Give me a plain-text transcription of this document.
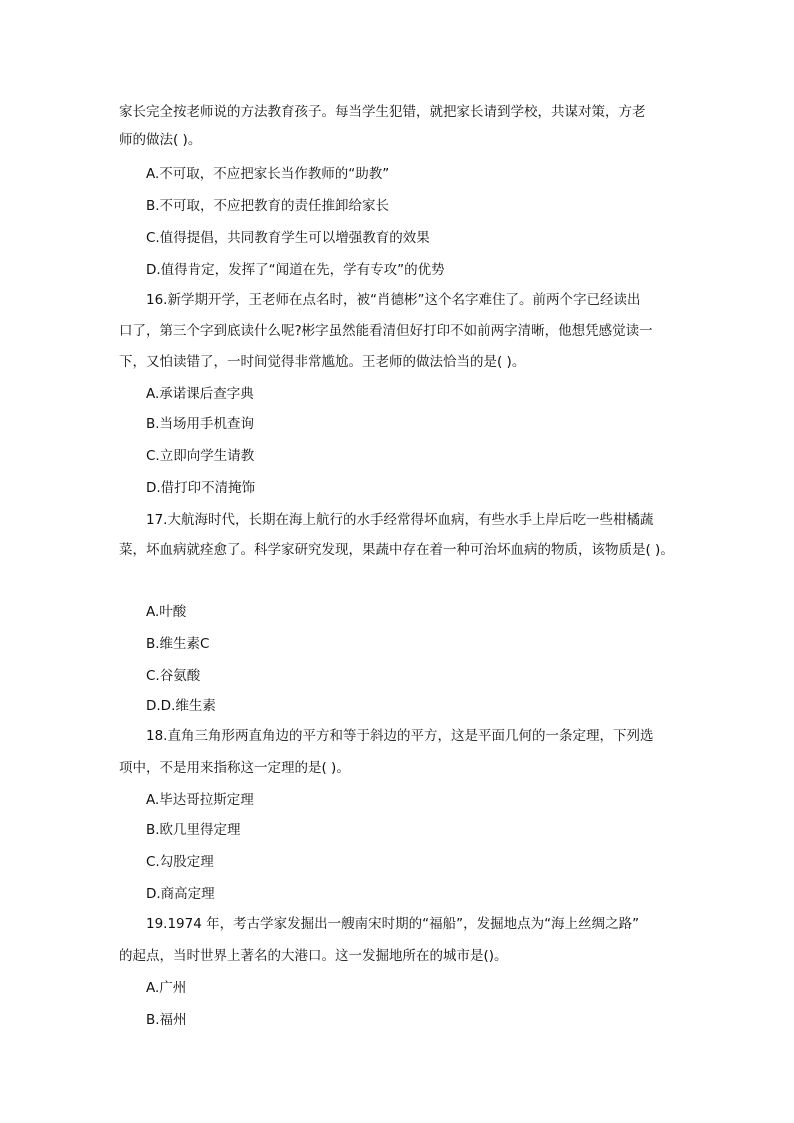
家长完全按老师说的方法教育孩子。每当学生犯错，就把家长请到学校，共谋对策，方老
师的做法( )。
A.不可取，不应把家长当作教师的“助教”
B.不可取，不应把教育的责任推卸给家长
C.值得提倡，共同教育学生可以增强教育的效果
D.值得肯定，发挥了“闻道在先，学有专攻”的优势
16.新学期开学，王老师在点名时，被“肖德彬”这个名字难住了。前两个字已经读出
口了，第三个字到底读什么呢?彬字虽然能看清但好打印不如前两字清晰，他想凭感觉读一
下，又怕读错了，一时间觉得非常尴尬。王老师的做法恰当的是( )。
A.承诺课后查字典
B.当场用手机查询
C.立即向学生请教
D.借打印不清掩饰
17.大航海时代，长期在海上航行的水手经常得坏血病，有些水手上岸后吃一些柑橘蔬
菜，坏血病就痊愈了。科学家研究发现，果蔬中存在着一种可治坏血病的物质，该物质是( )。
A.叶酸
B.维生素C
C.谷氨酸
D.D.维生素
18.直角三角形两直角边的平方和等于斜边的平方，这是平面几何的一条定理，下列选
项中，不是用来指称这一定理的是( )。
A.毕达哥拉斯定理
B.欧几里得定理
C.勾股定理
D.商高定理
19.1974 年，考古学家发掘出一艘南宋时期的“福船”，发掘地点为“海上丝绸之路”
的起点，当时世界上著名的大港口。这一发掘地所在的城市是()。
A.广州
B.福州
